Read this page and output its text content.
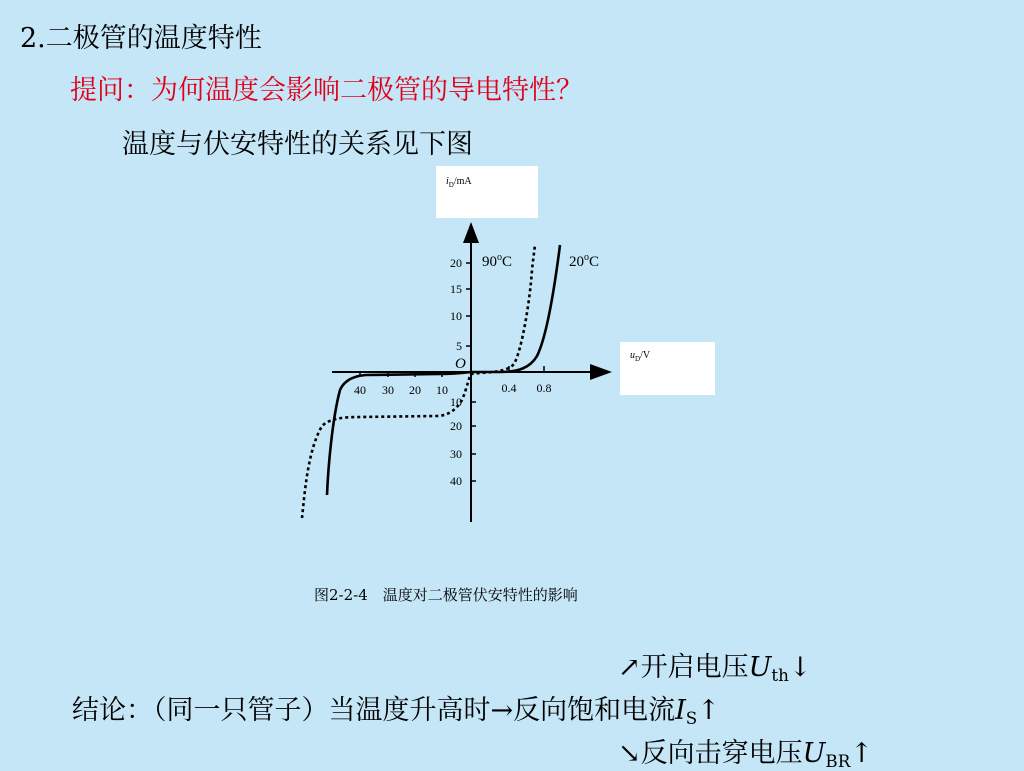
2.二极管的温度特性
提问：为何温度会影响二极管的导电特性？
温度与伏安特性的关系见下图
$i_D/mA$
$u_D/V$
O
0.4 0.8
40 30 20 10
5
10
15
20
10
20
30
40
90$^o$C	20$^o$C
图2-2-4　温度对二极管伏安特性的影响
↗开启电压Uth↓
结论：（同一只管子）当温度升高时→反向饱和电流IS↑
↘反向击穿电压UBR↑
